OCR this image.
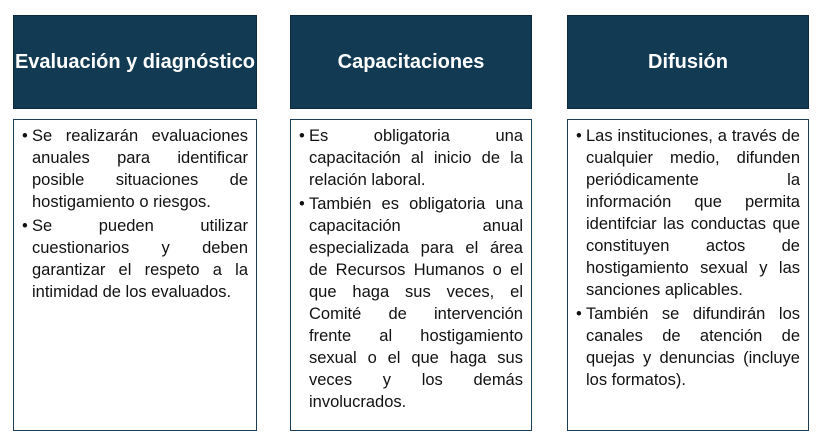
Evaluación y diagnóstico
• Se realizarán evaluaciones anuales para identificar posible situaciones de hostigamiento o riesgos.
• Se pueden utilizar cuestionarios y deben garantizar el respeto a la intimidad de los evaluados.
Capacitaciones
• Es obligatoria una capacitación al inicio de la relación laboral.
• También es obligatoria una capacitación anual especializada para el área de Recursos Humanos o el que haga sus veces, el Comité de intervención frente al hostigamiento sexual o el que haga sus veces y los demás involucrados.
Difusión
• Las instituciones, a través de cualquier medio, difunden periódicamente la información que permita identifciar las conductas que constituyen actos de hostigamiento sexual y las sanciones aplicables.
• También se difundirán los canales de atención de quejas y denuncias (incluye los formatos).
